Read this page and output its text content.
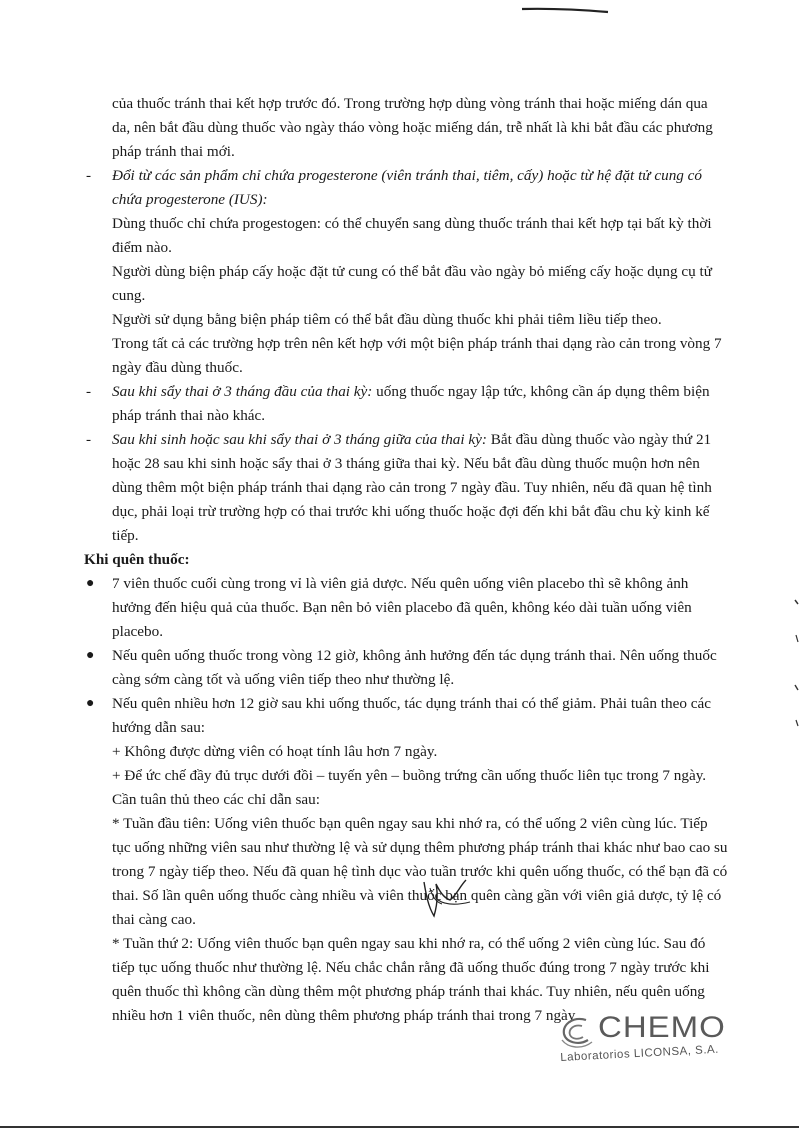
của thuốc tránh thai kết hợp trước đó. Trong trường hợp dùng vòng tránh thai hoặc miếng dán qua
da, nên bắt đầu dùng thuốc vào ngày tháo vòng hoặc miếng dán, trễ nhất là khi bắt đầu các phương
pháp tránh thai mới.
-	Đổi từ các sản phẩm chỉ chứa progesterone (viên tránh thai, tiêm, cấy) hoặc từ hệ đặt tử cung có
chứa progesterone (IUS):
Dùng thuốc chỉ chứa progestogen: có thể chuyển sang dùng thuốc tránh thai kết hợp tại bất kỳ thời
điểm nào.
Người dùng biện pháp cấy hoặc đặt tử cung có thể bắt đầu vào ngày bỏ miếng cấy hoặc dụng cụ tử
cung.
Người sử dụng bằng biện pháp tiêm có thể bắt đầu dùng thuốc khi phải tiêm liều tiếp theo.
Trong tất cả các trường hợp trên nên kết hợp với một biện pháp tránh thai dạng rào cản trong vòng 7
ngày đầu dùng thuốc.
-	Sau khi sẩy thai ở 3 tháng đầu của thai kỳ: uống thuốc ngay lập tức, không cần áp dụng thêm biện
pháp tránh thai nào khác.
-	Sau khi sinh hoặc sau khi sẩy thai ở 3 tháng giữa của thai kỳ: Bắt đầu dùng thuốc vào ngày thứ 21
hoặc 28 sau khi sinh hoặc sẩy thai ở 3 tháng giữa thai kỳ. Nếu bắt đầu dùng thuốc muộn hơn nên
dùng thêm một biện pháp tránh thai dạng rào cản trong 7 ngày đầu. Tuy nhiên, nếu đã quan hệ tình
dục, phải loại trừ trường hợp có thai trước khi uống thuốc hoặc đợi đến khi bắt đầu chu kỳ kinh kế
tiếp.
Khi quên thuốc:
●	7 viên thuốc cuối cùng trong vỉ là viên giả dược. Nếu quên uống viên placebo thì sẽ không ảnh
hưởng đến hiệu quả của thuốc. Bạn nên bỏ viên placebo đã quên, không kéo dài tuần uống viên
placebo.
●	Nếu quên uống thuốc trong vòng 12 giờ, không ảnh hưởng đến tác dụng tránh thai. Nên uống thuốc
càng sớm càng tốt và uống viên tiếp theo như thường lệ.
●	Nếu quên nhiều hơn 12 giờ sau khi uống thuốc, tác dụng tránh thai có thể giảm. Phải tuân theo các
hướng dẫn sau:
+ Không được dừng viên có hoạt tính lâu hơn 7 ngày.
+ Để ức chế đầy đủ trục dưới đồi – tuyến yên – buồng trứng cần uống thuốc liên tục trong 7 ngày.
Cần tuân thủ theo các chỉ dẫn sau:
* Tuần đầu tiên: Uống viên thuốc bạn quên ngay sau khi nhớ ra, có thể uống 2 viên cùng lúc. Tiếp
tục uống những viên sau như thường lệ và sử dụng thêm phương pháp tránh thai khác như bao cao su
trong 7 ngày tiếp theo. Nếu đã quan hệ tình dục vào tuần trước khi quên uống thuốc, có thể bạn đã có
thai. Số lần quên uống thuốc càng nhiều và viên thuốc bạn quên càng gần với viên giả dược, tỷ lệ có
thai càng cao.
* Tuần thứ 2: Uống viên thuốc bạn quên ngay sau khi nhớ ra, có thể uống 2 viên cùng lúc. Sau đó
tiếp tục uống thuốc như thường lệ. Nếu chắc chắn rằng đã uống thuốc đúng trong 7 ngày trước khi
quên thuốc thì không cần dùng thêm một phương pháp tránh thai khác. Tuy nhiên, nếu quên uống
nhiều hơn 1 viên thuốc, nên dùng thêm phương pháp tránh thai trong 7 ngày. CHEMO
Laboratorios LICONSA, S.A.
